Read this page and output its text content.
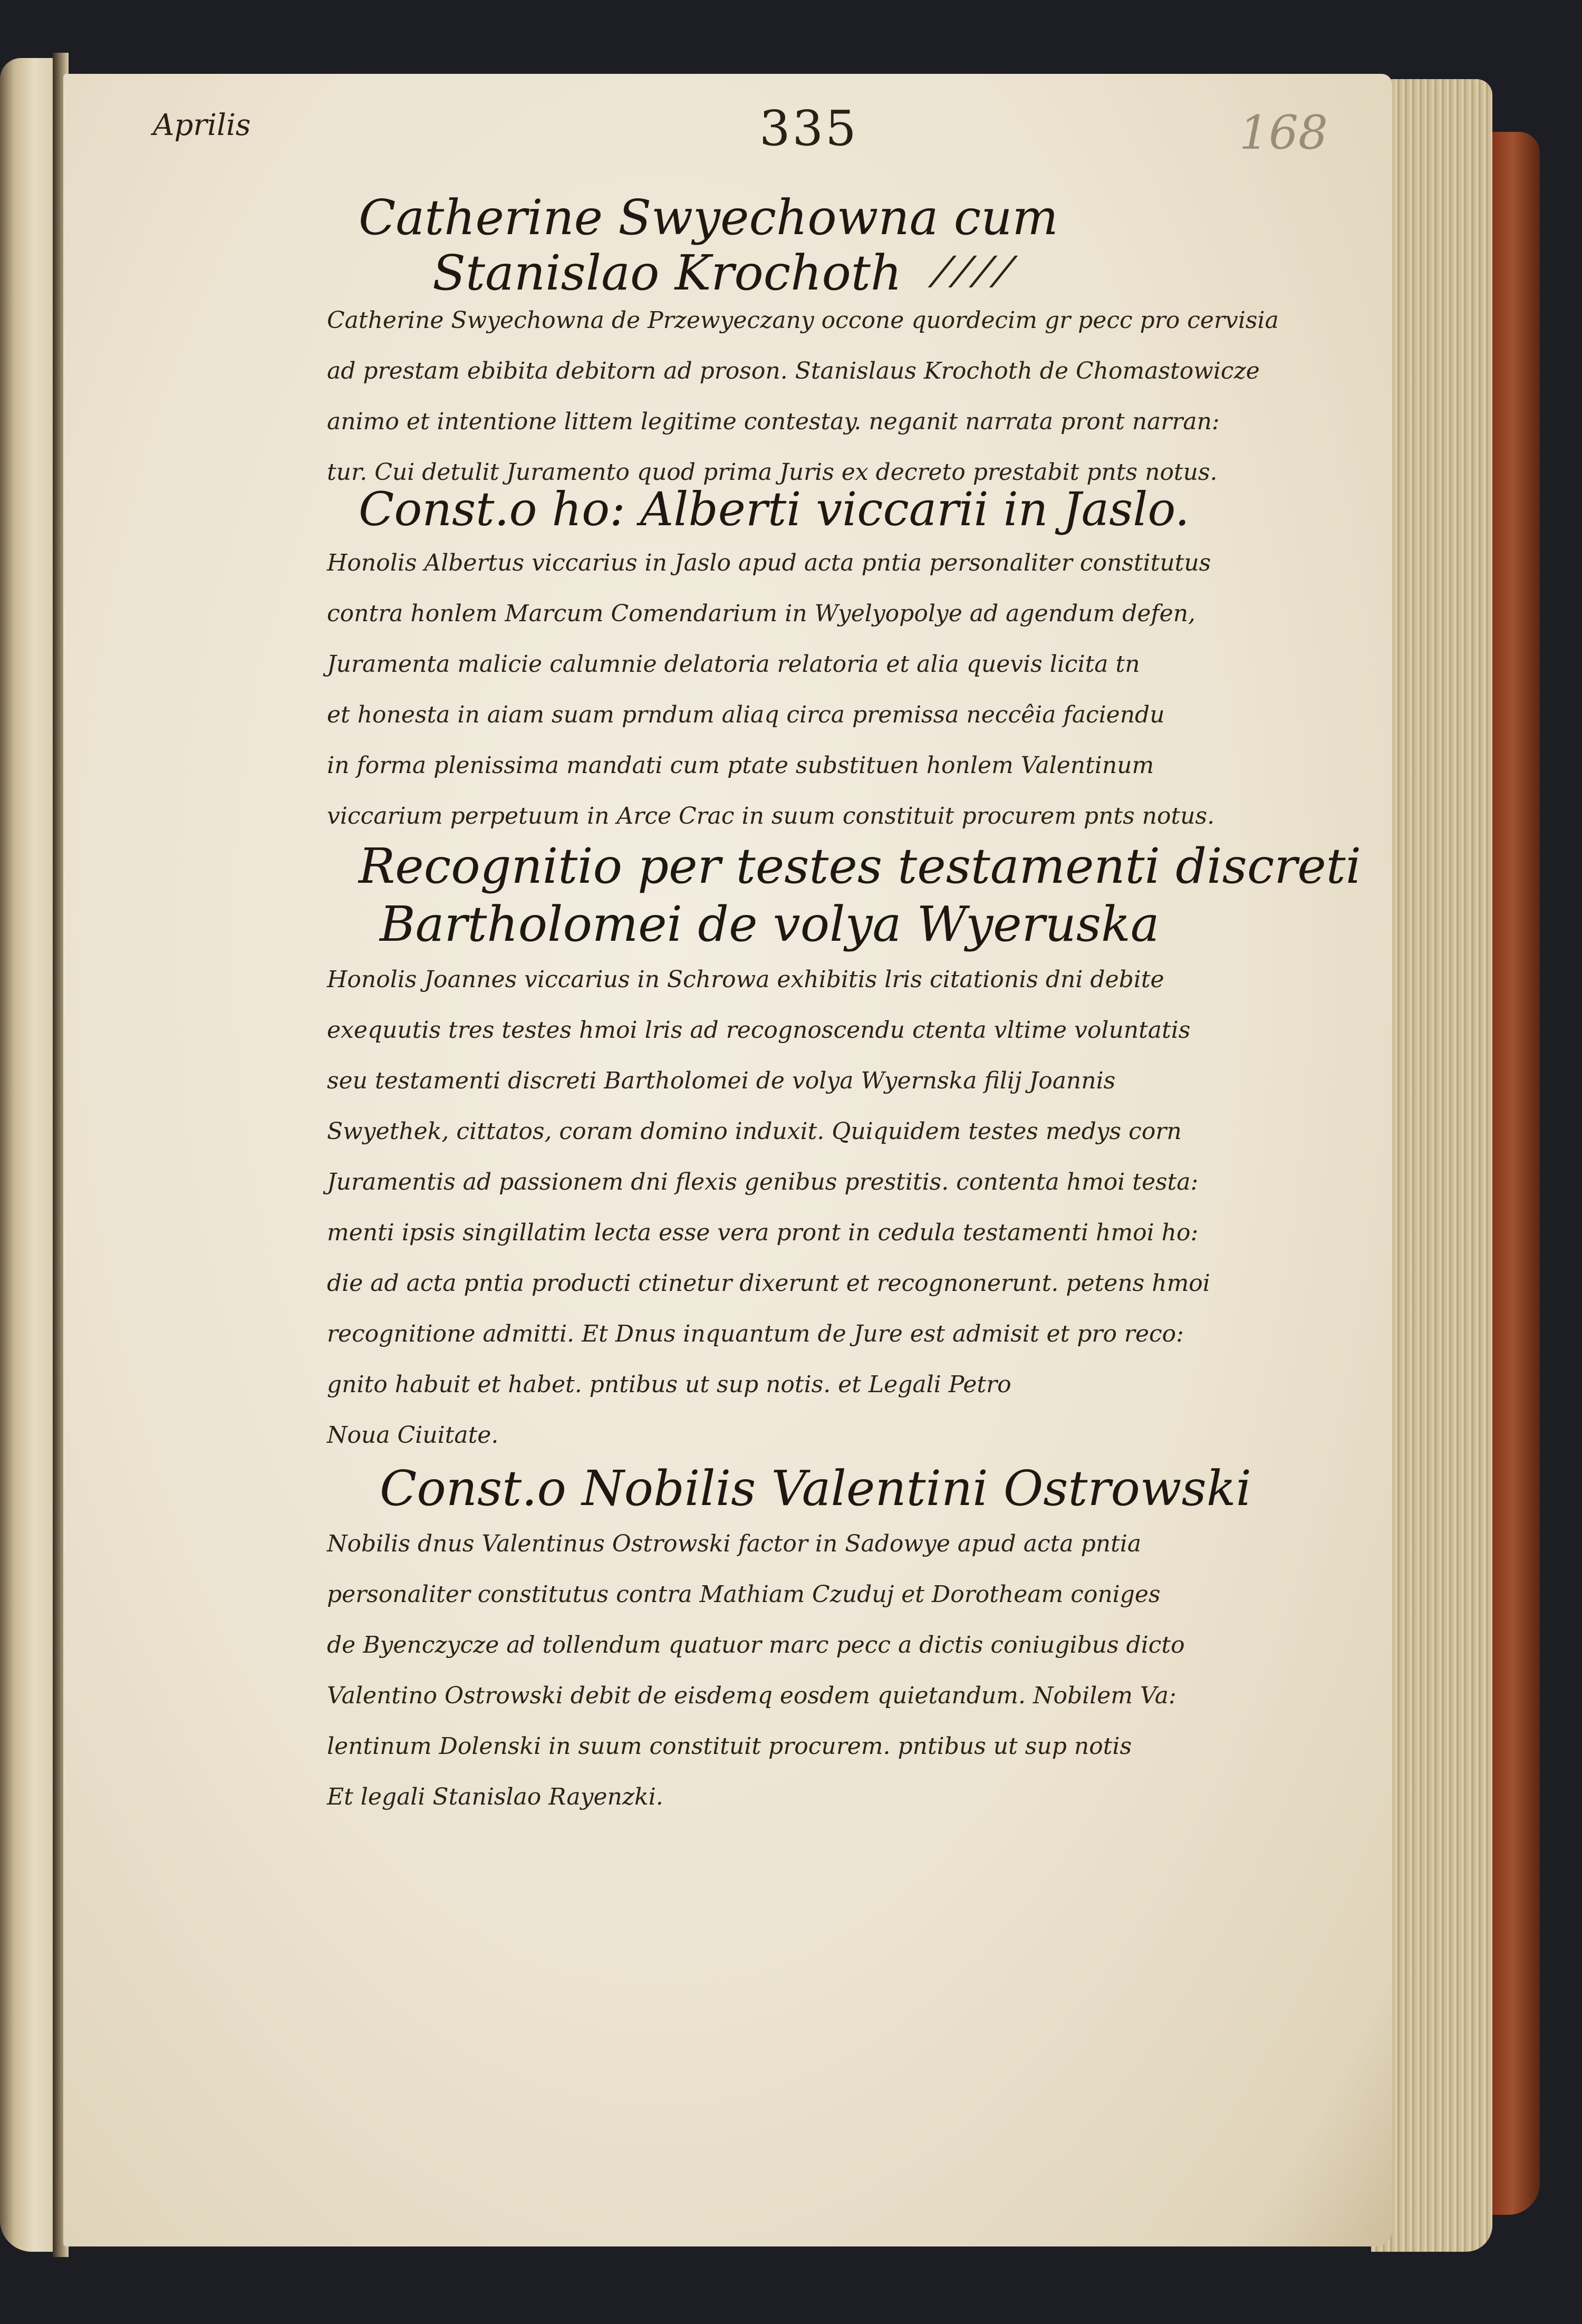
Aprilis	335	168
Catherine Swyechowna cum
Stanislao Krochoth ⁄ ⁄ ⁄ ⁄
Catherine Swyechowna de Przewyeczany occone quordecim gr pecc pro cervisia
ad prestam ebibita debitorn ad proson. Stanislaus Krochoth de Chomastowicze
animo et intentione littem legitime contestay. neganit narrata pront narran:
tur. Cui detulit Juramento quod prima Juris ex decreto prestabit pnts notus.
Const.o ho: Alberti viccarii in Jaslo.
Honolis Albertus viccarius in Jaslo apud acta pntia personaliter constitutus
contra honlem Marcum Comendarium in Wyelyopolye ad agendum defen,
Juramenta malicie calumnie delatoria relatoria et alia quevis licita tn
et honesta in aiam suam prndum aliaq circa premissa neccêia faciendu
in forma plenissima mandati cum ptate substituen honlem Valentinum
viccarium perpetuum in Arce Crac in suum constituit procurem pnts notus.
Recognitio per testes testamenti discreti
Bartholomei de volya Wyeruska
Honolis Joannes viccarius in Schrowa exhibitis lris citationis dni debite
exequutis tres testes hmoi lris ad recognoscendu ctenta vltime voluntatis
seu testamenti discreti Bartholomei de volya Wyernska filij Joannis
Swyethek, cittatos, coram domino induxit. Quiquidem testes medys corn
Juramentis ad passionem dni flexis genibus prestitis. contenta hmoi testa:
menti ipsis singillatim lecta esse vera pront in cedula testamenti hmoi ho:
die ad acta pntia producti ctinetur dixerunt et recognonerunt. petens hmoi
recognitione admitti. Et Dnus inquantum de Jure est admisit et pro reco:
gnito habuit et habet. pntibus ut sup notis. et Legali Petro
Noua Ciuitate.
Const.o Nobilis Valentini Ostrowski
Nobilis dnus Valentinus Ostrowski factor in Sadowye apud acta pntia
personaliter constitutus contra Mathiam Czuduj et Dorotheam coniges
de Byenczycze ad tollendum quatuor marc pecc a dictis coniugibus dicto
Valentino Ostrowski debit de eisdemq eosdem quietandum. Nobilem Va:
lentinum Dolenski in suum constituit procurem. pntibus ut sup notis
Et legali Stanislao Rayenzki.
